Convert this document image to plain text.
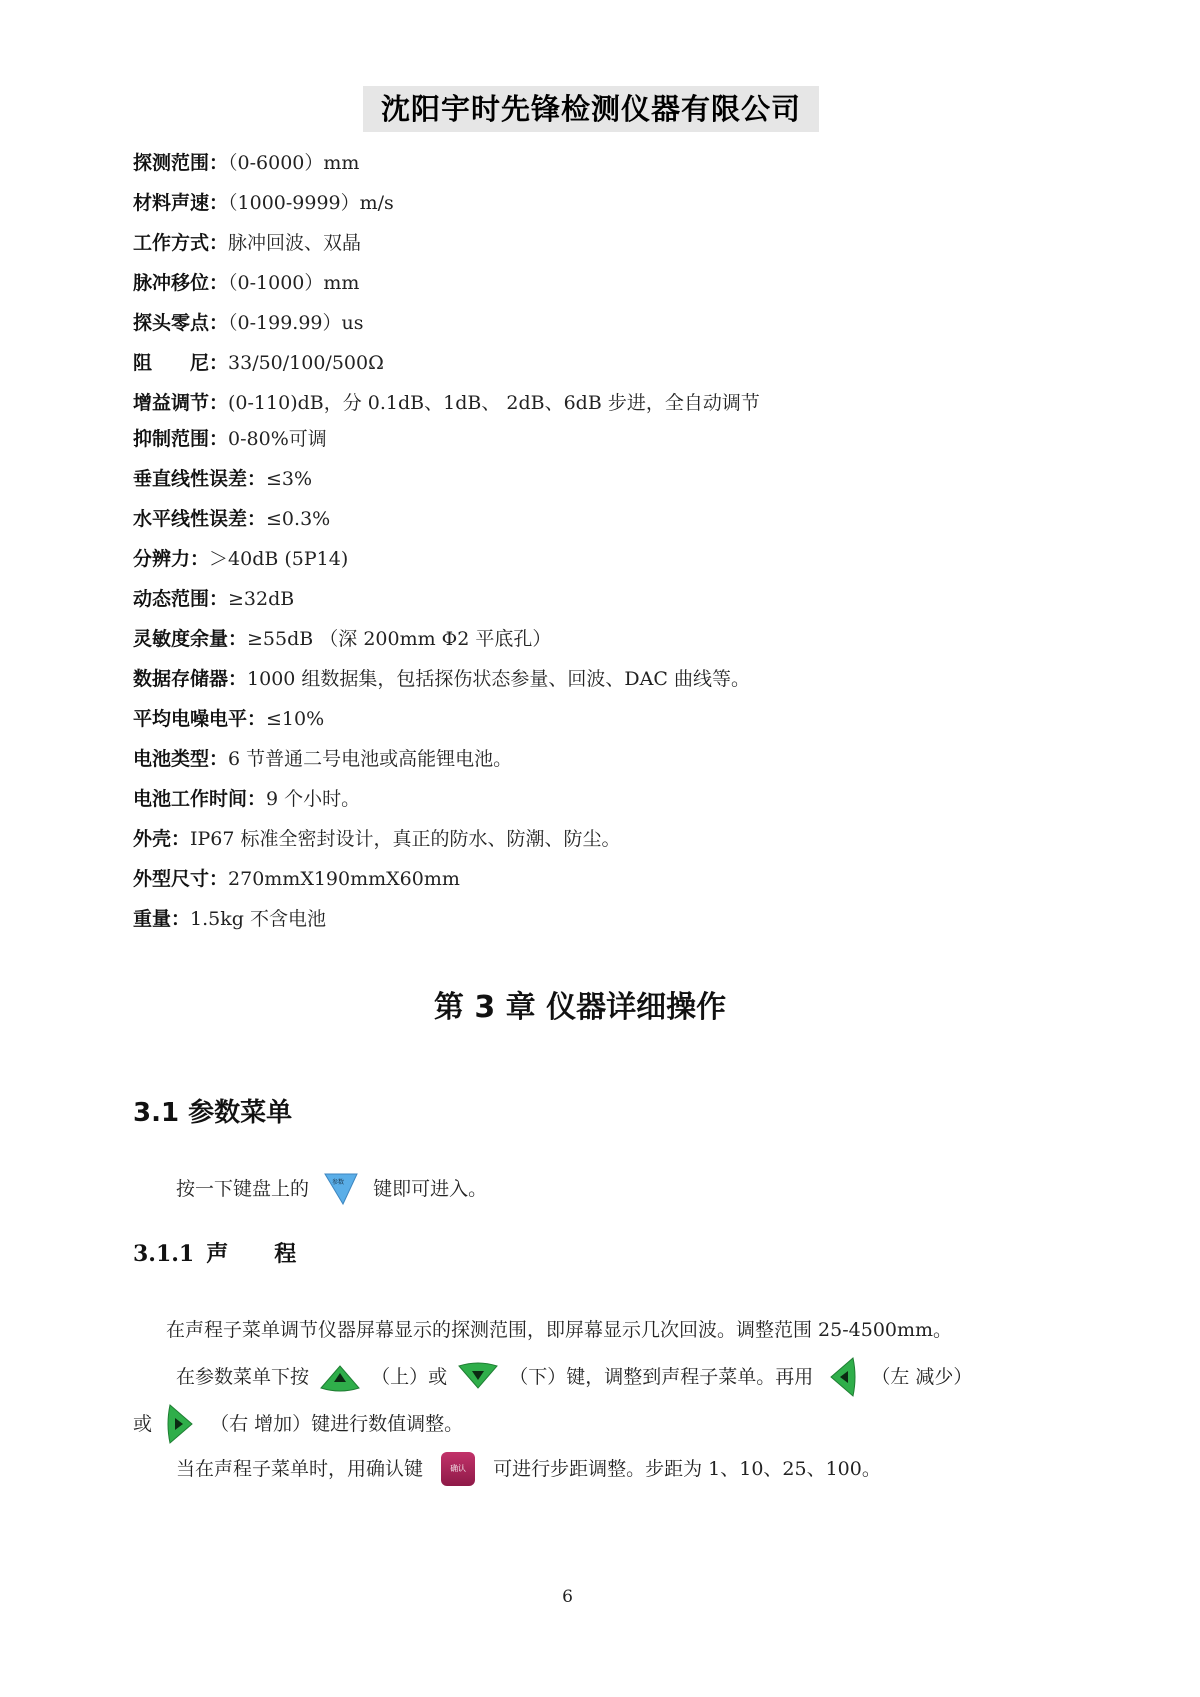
沈阳宇时先锋检测仪器有限公司
探测范围：（0-6000）mm
材料声速：（1000-9999）m/s
工作方式：脉冲回波、双晶
脉冲移位：（0-1000）mm
探头零点：（0-199.99）us
阻　　尼：33/50/100/500Ω
增益调节：(0-110)dB，分 0.1dB、1dB、 2dB、6dB 步进，全自动调节
抑制范围：0-80%可调
垂直线性误差：≤3%
水平线性误差：≤0.3%
分辨力：＞40dB (5P14)
动态范围：≥32dB
灵敏度余量：≥55dB （深 200mm Φ2 平底孔）
数据存储器：1000 组数据集，包括探伤状态参量、回波、DAC 曲线等。
平均电噪电平：≤10%
电池类型：6 节普通二号电池或高能锂电池。
电池工作时间：9 个小时。
外壳：IP67 标准全密封设计，真正的防水、防潮、防尘。
外型尺寸：270mmX190mmX60mm
重量：1.5kg 不含电池
第 3 章 仪器详细操作
3.1 参数菜单
按一下键盘上的	参数 键即可进入。
3.1.1 声 程
在声程子菜单调节仪器屏幕显示的探测范围，即屏幕显示几次回波。调整范围 25-4500mm。
在参数菜单下按	（上）或	（下）键，调整到声程子菜单。再用	（左 减少）
或	（右 增加）键进行数值调整。
当在声程子菜单时，用确认键	确认 可进行步距调整。步距为 1、10、25、100。
6
